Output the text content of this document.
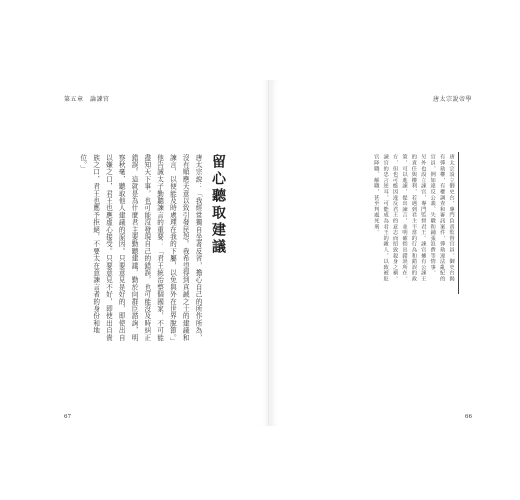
第五章　論諫官
留心聽取建議
唐太宗說：「我經常獨自坐著反省，擔心自己的所作所為，沒有順應天意以致引發民怨。我希望得到真誠之士的建議和諫言，以便能及時處理在我的下屬，以免與外在世界脫節。」
他告誡太子勤聽諫言的重要：「君王統治整個國家，不可能盡知天下事，也可能沒發現自己的錯誤，也可能沒及時糾正錯誤。這就是為什麼君主要勤聽建議，勤於向群臣諮詢，明察秋毫，聽取他人建議的原因。只要意見是好的，即使出自以嫌之口，君王也應虛心接受。只要意見不好，即使出自貴族之口，君王也應予拒絕，不要太在意諫言者的身份和地位。」
67
唐太宗說帝學
唐太宗設立御史台，專門負責監督官員。御史台揭有彈劾權，有權調查和審訊案件，彈劾違法亂紀的官員，例如違反公義、失職和鋪張浪費等情事。
另外也設立諫官，專門監督君王。諫官擁有公諫王的責任與權利，若遇到君主不當的行為和錯誤的政策，可以進諫，提出諫言，並明確指出錯誤所在。
方，但也可能因違反君王的意志而招致殺身之禍。諫官的忠言逆耳，可能成為君王的敵人，以致被貶官降職、解職，甚至判處死刑。
66
